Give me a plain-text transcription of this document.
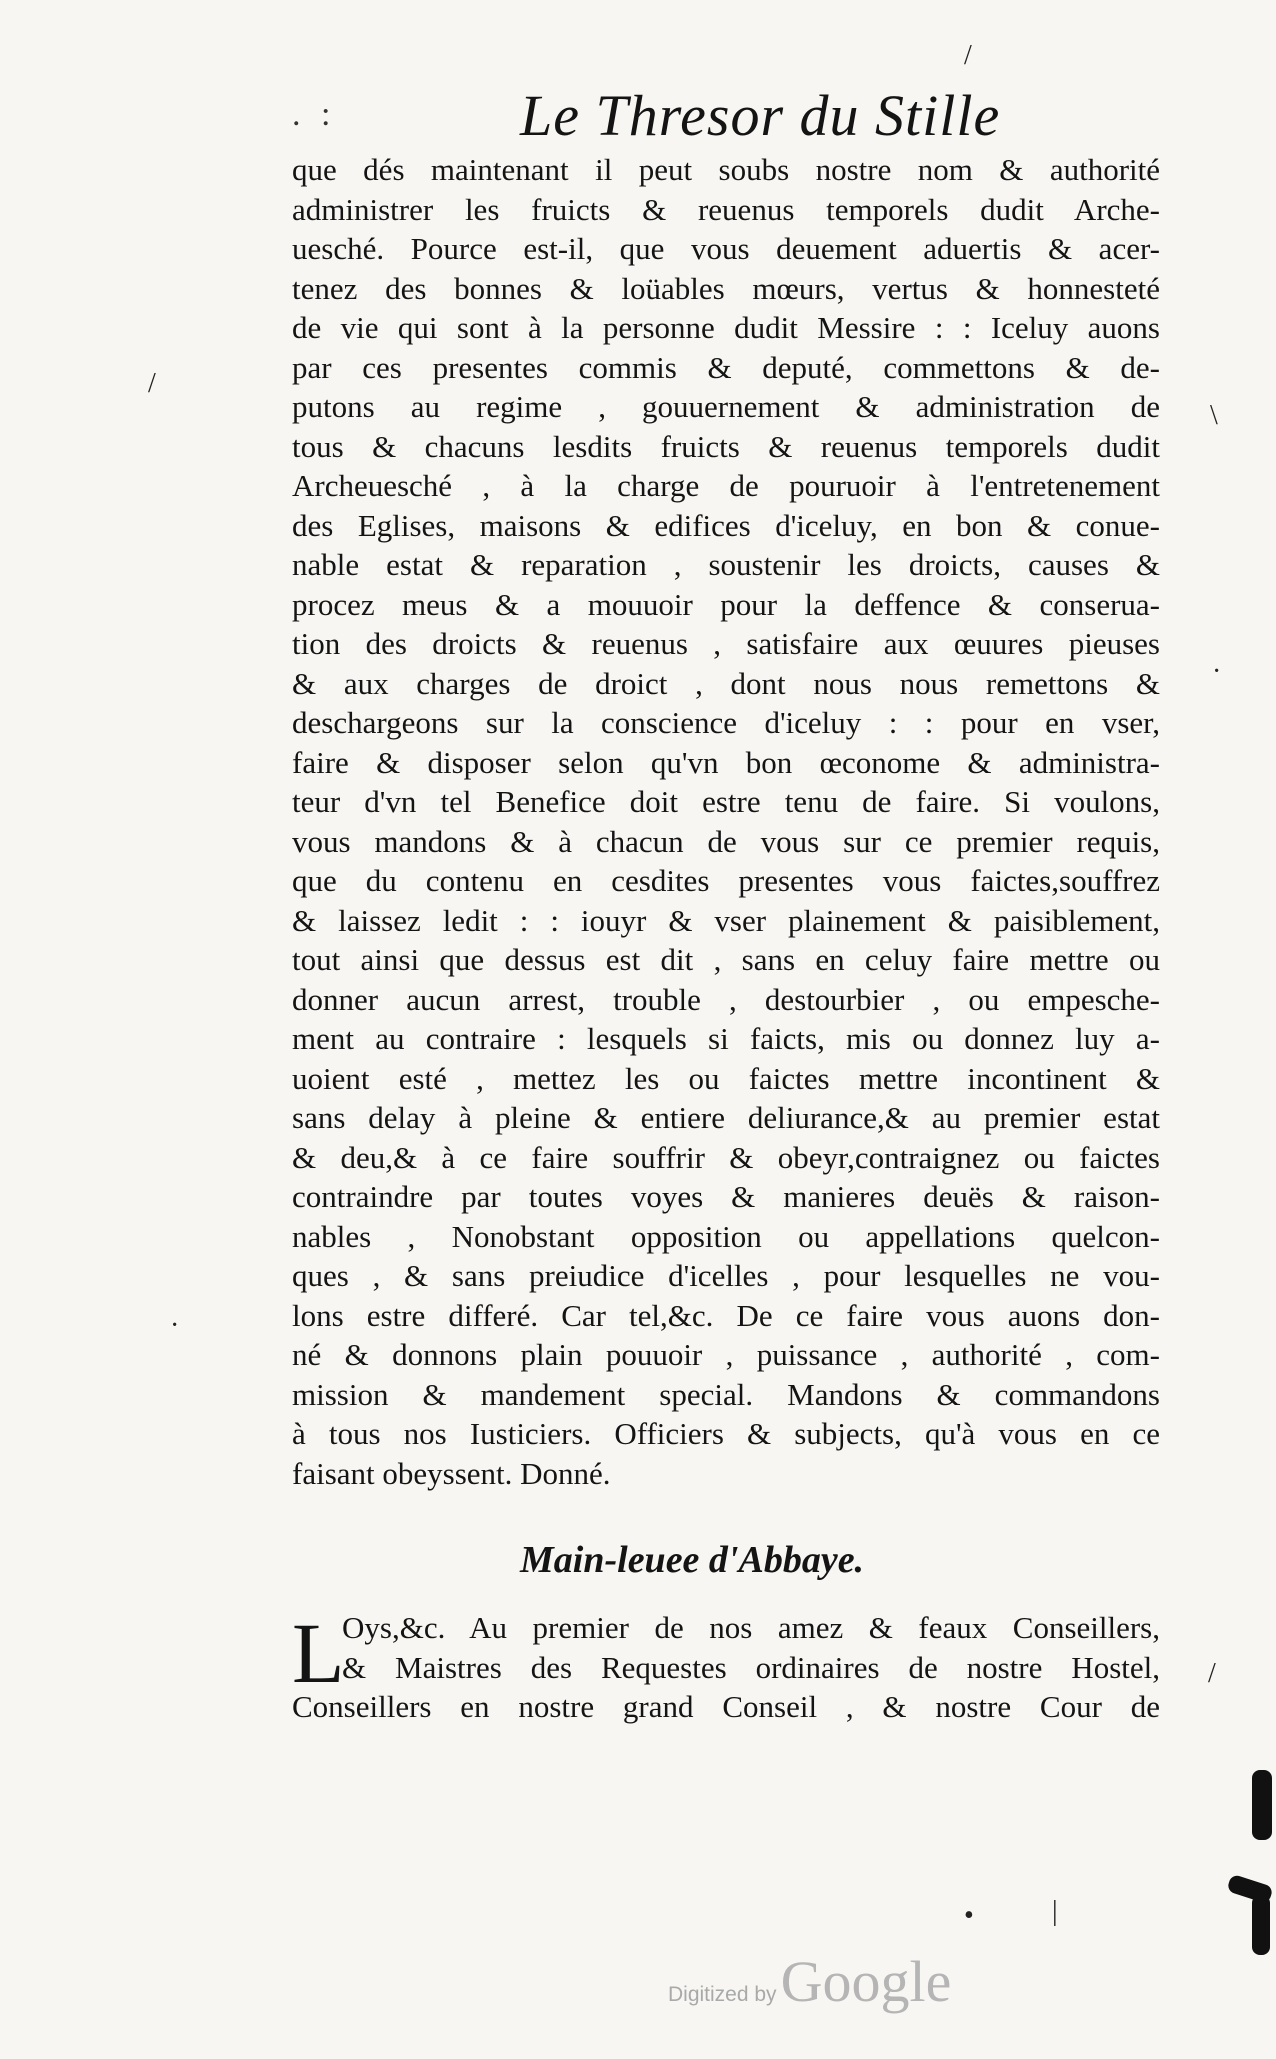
. :	Le Thresor du Stille
que dés maintenant il peut soubs nostre nom & authorité
administrer les fruicts & reuenus temporels dudit Arche-
uesché. Pource est-il, que vous deuement aduertis & acer-
tenez des bonnes & loüables mœurs, vertus & honnesteté
de vie qui sont à la personne dudit Messire : : Iceluy auons
par ces presentes commis & deputé, commettons & de-
putons au regime , gouuernement & administration de
tous & chacuns lesdits fruicts & reuenus temporels dudit
Archeuesché , à la charge de pouruoir à l'entretenement
des Eglises, maisons & edifices d'iceluy, en bon & conue-
nable estat & reparation , soustenir les droicts, causes &
procez meus & a mouuoir pour la deffence & conserua-
tion des droicts & reuenus , satisfaire aux œuures pieuses
& aux charges de droict , dont nous nous remettons &
deschargeons sur la conscience d'iceluy : : pour en vser,
faire & disposer selon qu'vn bon œconome & administra-
teur d'vn tel Benefice doit estre tenu de faire. Si voulons,
vous mandons & à chacun de vous sur ce premier requis,
que du contenu en cesdites presentes vous faictes,souffrez
& laissez ledit : : iouyr & vser plainement & paisiblement,
tout ainsi que dessus est dit , sans en celuy faire mettre ou
donner aucun arrest, trouble , destourbier , ou empesche-
ment au contraire : lesquels si faicts, mis ou donnez luy a-
uoient esté , mettez les ou faictes mettre incontinent &
sans delay à pleine & entiere deliurance,& au premier estat
& deu,& à ce faire souffrir & obeyr,contraignez ou faictes
contraindre par toutes voyes & manieres deuës & raison-
nables , Nonobstant opposition ou appellations quelcon-
ques , & sans preiudice d'icelles , pour lesquelles ne vou-
lons estre differé. Car tel,&c. De ce faire vous auons don-
né & donnons plain pouuoir , puissance , authorité , com-
mission & mandement special. Mandons & commandons
à tous nos Iusticiers. Officiers & subjects, qu'à vous en ce
faisant obeyssent. Donné.
Main-leuee d'Abbaye.
L
Oys,&c. Au premier de nos amez & feaux Conseillers,
& Maistres des Requestes ordinaires de nostre Hostel,
Conseillers en nostre grand Conseil , & nostre Cour de
/
/
\
·
·
/
•	|
Digitized by Google
